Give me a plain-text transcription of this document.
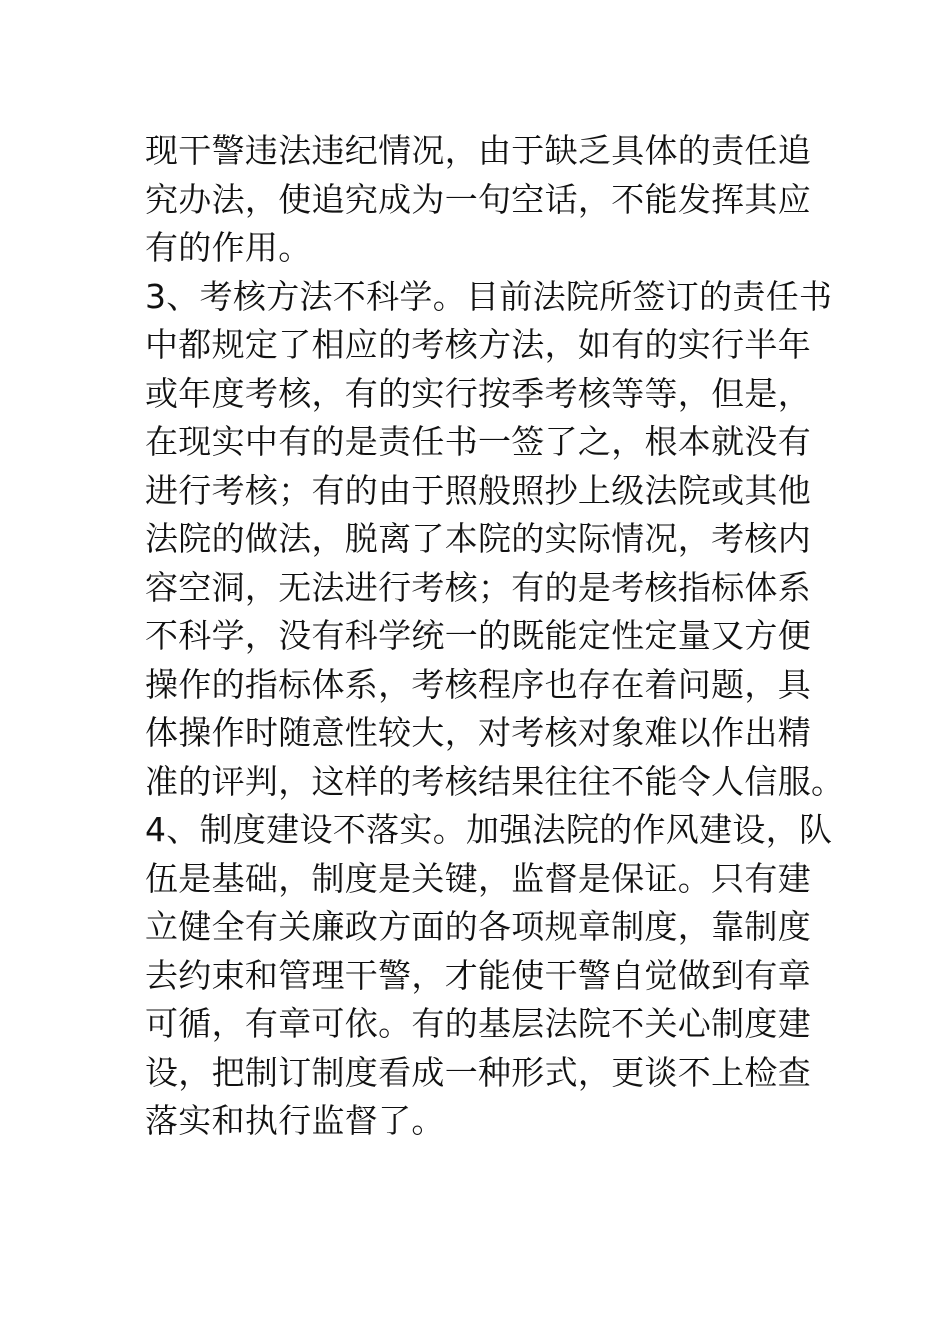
现干警违法违纪情况，由于缺乏具体的责任追
究办法，使追究成为一句空话，不能发挥其应
有的作用。

3、考核方法不科学。目前法院所签订的责任书
中都规定了相应的考核方法，如有的实行半年
或年度考核，有的实行按季考核等等，但是，
在现实中有的是责任书一签了之，根本就没有
进行考核；有的由于照般照抄上级法院或其他
法院的做法，脱离了本院的实际情况，考核内
容空洞，无法进行考核；有的是考核指标体系
不科学，没有科学统一的既能定性定量又方便
操作的指标体系，考核程序也存在着问题，具
体操作时随意性较大，对考核对象难以作出精
准的评判，这样的考核结果往往不能令人信服。

4、制度建设不落实。加强法院的作风建设，队
伍是基础，制度是关键，监督是保证。只有建
立健全有关廉政方面的各项规章制度，靠制度
去约束和管理干警，才能使干警自觉做到有章
可循，有章可依。有的基层法院不关心制度建
设，把制订制度看成一种形式，更谈不上检查
落实和执行监督了。
